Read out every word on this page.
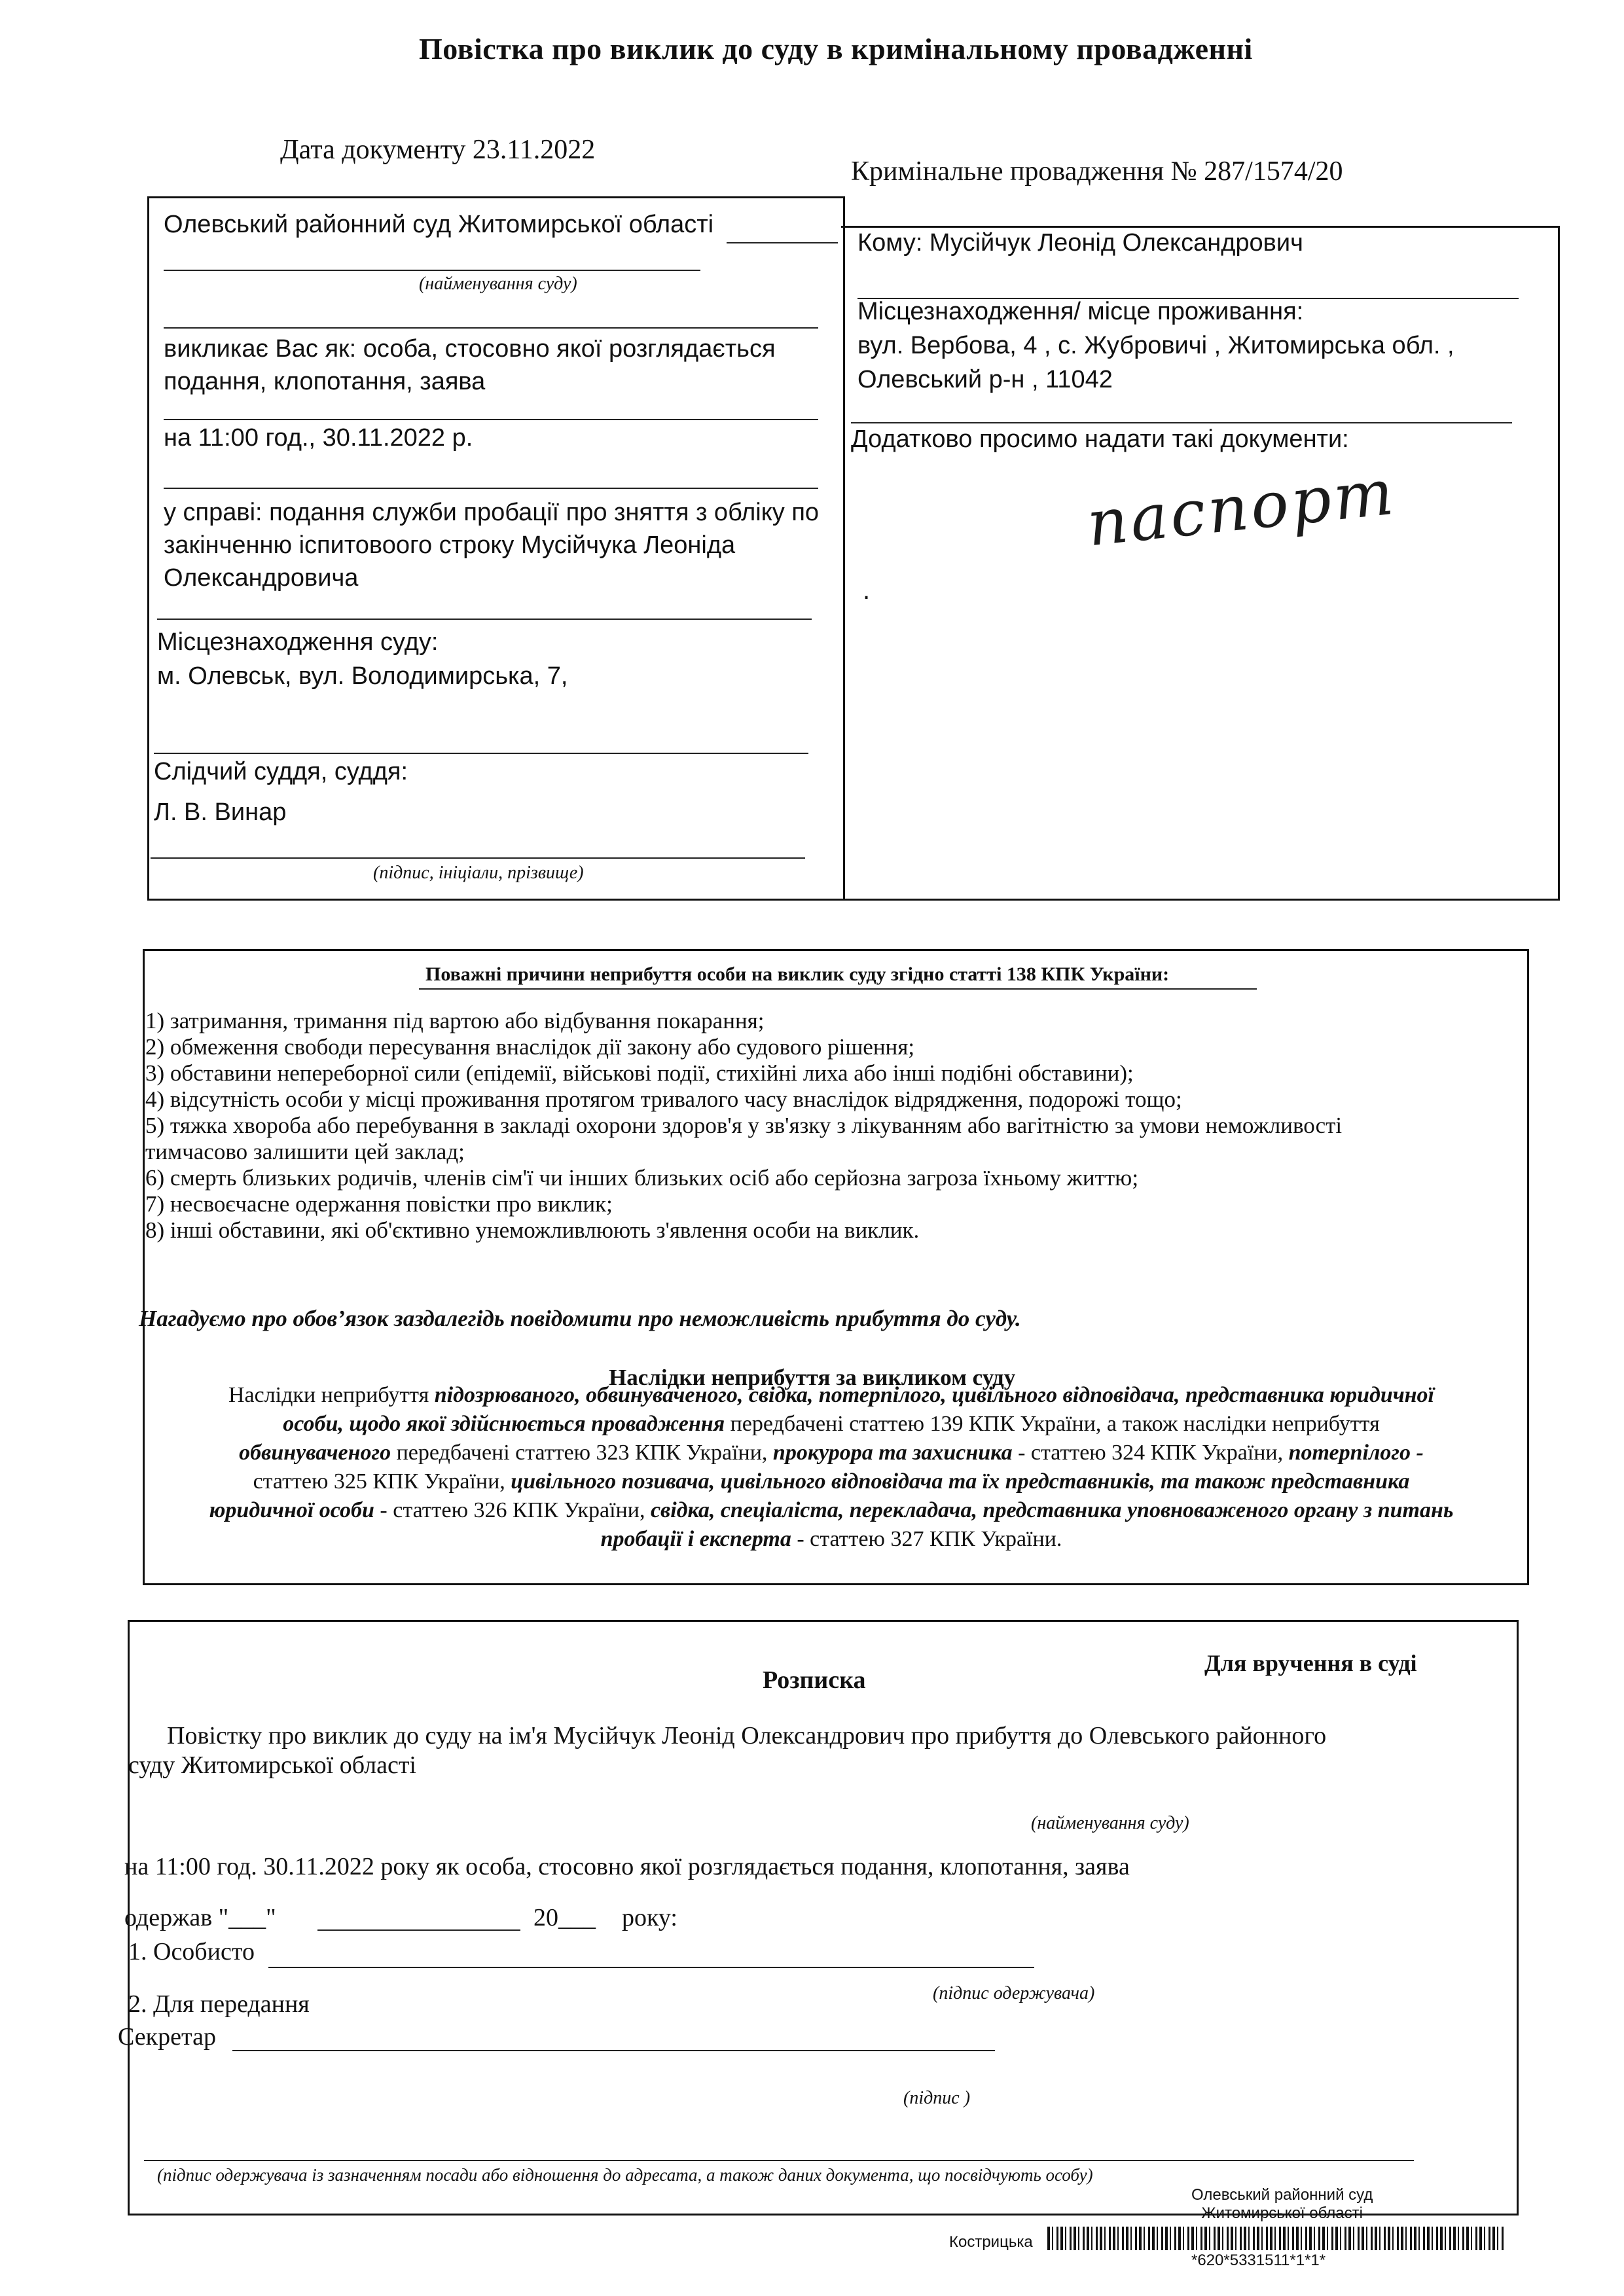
Повістка про виклик до суду в кримінальному провадженні
Дата документу 23.11.2022
Кримінальне провадження № 287/1574/20
Олевський районний суд Житомирської області
(найменування суду)
викликає Вас як: особа, стосовно якої розглядається
подання, клопотання, заява
на 11:00 год., 30.11.2022 р.
у справі: подання служби пробації про зняття з обліку по
закінченню іспитовоого строку Мусійчука Леоніда
Олександровича
Місцезнаходження суду:
м. Олевськ, вул. Володимирська, 7,
Слідчий суддя, суддя:
Л. В. Винар
(підпис, ініціали, прізвище)
Кому: Мусійчук Леонід Олександрович
Місцезнаходження/ місце проживання:
вул. Вербова, 4 , с. Жубровичі , Житомирська обл. ,
Олевський р-н , 11042
Додатково просимо надати такі документи:
паспорт
.
Поважні причини неприбуття особи на виклик суду згідно статті 138 КПК України:
1) затримання, тримання під вартою або відбування покарання;
2) обмеження свободи пересування внаслідок дії закону або судового рішення;
3) обставини непереборної сили (епідемії, військові події, стихійні лиха або інші подібні обставини);
4) відсутність особи у місці проживання протягом тривалого часу внаслідок відрядження, подорожі тощо;
5) тяжка хвороба або перебування в закладі охорони здоров'я у зв'язку з лікуванням або вагітністю за умови неможливості
тимчасово залишити цей заклад;
6) смерть близьких родичів, членів сім'ї чи інших близьких осіб або серйозна загроза їхньому життю;
7) несвоєчасне одержання повістки про виклик;
8) інші обставини, які об'єктивно унеможливлюють з'явлення особи на виклик.
Нагадуємо про обов’язок заздалегідь повідомити про неможливість прибуття до суду.
Наслідки неприбуття за викликом суду
Наслідки неприбуття підозрюваного, обвинуваченого, свідка, потерпілого, цивільного відповідача, представника юридичної
особи, щодо якої здійснюється провадження передбачені статтею 139 КПК України, а також наслідки неприбуття
обвинуваченого передбачені статтею 323 КПК України, прокурора та захисника - статтею 324 КПК України, потерпілого -
статтею 325 КПК України, цивільного позивача, цивільного відповідача та їх представників, та також представника
юридичної особи - статтею 326 КПК України, свідка, спеціаліста, перекладача, представника уповноваженого органу з питань
пробації і експерта - статтею 327 КПК України.
Розписка
Для вручення в суді
Повістку про виклик до суду на ім'я Мусійчук Леонід Олександрович про прибуття до Олевського районного
суду Житомирської області
(найменування суду)
на 11:00 год. 30.11.2022 року як особа, стосовно якої розглядається подання, клопотання, заява
одержав "___"	20___ року:
1. Особисто
(підпис одержувача)
2. Для передання
Секретар
(підпис )
(підпис одержувача із зазначенням посади або відношення до адресата, а також даних документа, що посвідчують особу)
Олевський районний суд
Житомирської області
Кострицька
*620*5331511*1*1*
